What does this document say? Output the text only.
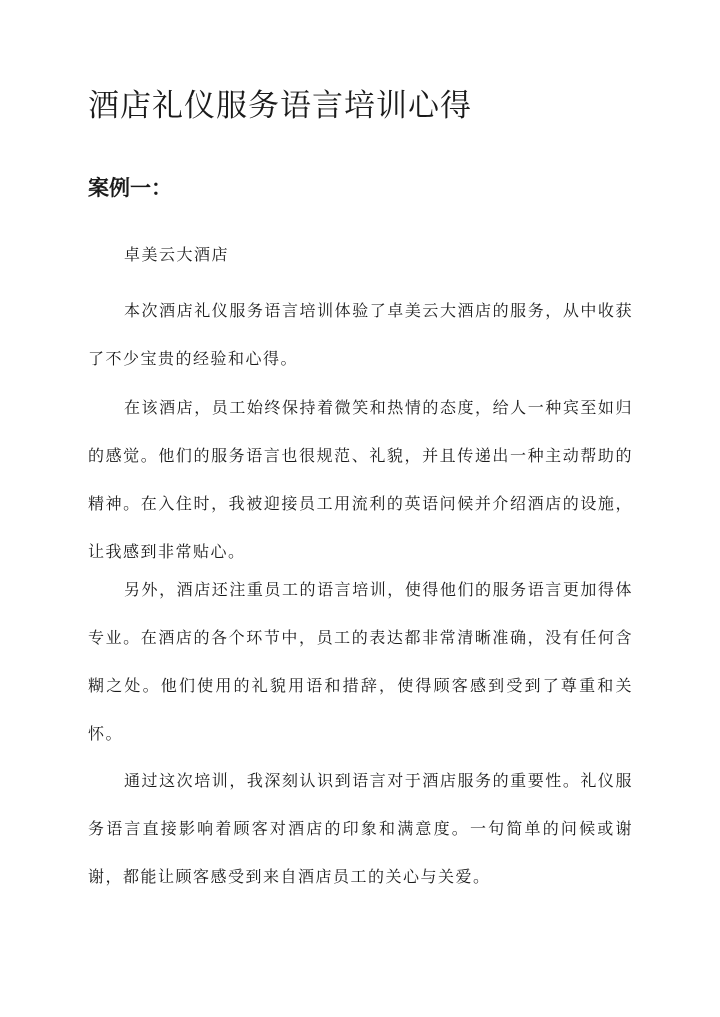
酒店礼仪服务语言培训心得
案例一：

卓美云大酒店

本次酒店礼仪服务语言培训体验了卓美云大酒店的服务，从中收获了不少宝贵的经验和心得。

在该酒店，员工始终保持着微笑和热情的态度，给人一种宾至如归的感觉。他们的服务语言也很规范、礼貌，并且传递出一种主动帮助的精神。在入住时，我被迎接员工用流利的英语问候并介绍酒店的设施，让我感到非常贴心。

另外，酒店还注重员工的语言培训，使得他们的服务语言更加得体专业。在酒店的各个环节中，员工的表达都非常清晰准确，没有任何含糊之处。他们使用的礼貌用语和措辞，使得顾客感到受到了尊重和关怀。

通过这次培训，我深刻认识到语言对于酒店服务的重要性。礼仪服务语言直接影响着顾客对酒店的印象和满意度。一句简单的问候或谢谢，都能让顾客感受到来自酒店员工的关心与关爱。
